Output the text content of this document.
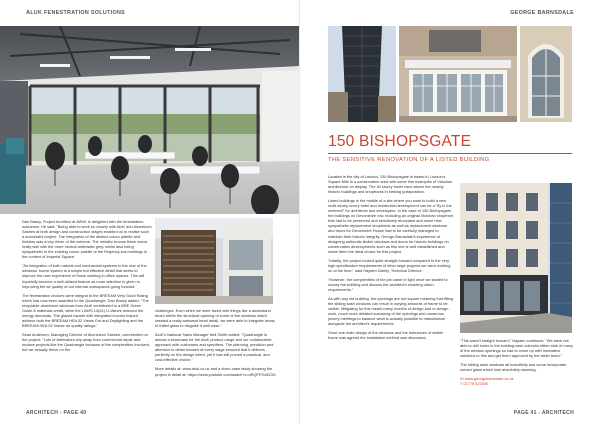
ALUK FENESTRATION SOLUTIONS

Dan Basey, Project Architect at AWW, is delighted with the fenestration outcomes. He said: "Being able to work so closely with AluK and Aluminium Sashes at both design and construction stages enabled us to realise such a successful project. The integration of the distinct colour palette and finishes was a key driver of the scheme. The metallic bronze finish works really well with the more neutral anthracite grey, whilst also being sympathetic to the existing colour palette of the Regency-era buildings in the context of Imperial Square.

"An integration of both natural and mechanical systems to the rear of the windows' louvre system is a simple but effective detail that seeks to improve the user experience of those working in office spaces. This will hopefully become a well-utilised feature as more attention is given to improving the air quality of our internal workspaces going forward."

The fenestration choices were integral to the BREEAM Very Good Rating which has now been awarded to the Quadrangle. Dan Basey added: "The recyclable aluminium windows from AluK contributed to a BRE Green Guide A materials credit, while the LAWS 14(24) U-Values reduced the energy demands. The glazed façade with integrated louvres helped achieve both the BREEAM HEA 02 Views Out and Daylighting and the BREEAM HEA 02 Indoor air quality ratings."

Sean Anderson, Managing Director of Aluminium Sashes, commented on the project: "Lots of fabricators shy away from commercial repair and replace projects like the Quadrangle because of the complexities involved, but we actually thrive on the

challenges. Even when we were faced with things like a downstand beam within the structural opening of some of the windows which created a really awkward head detail, we were able to integrate areas of fritted glass to disguise it with ease."

AluK's National Sales Manager Neil Smith added: "Quadrangle is almost a showcase for the AluK product range and our collaborative approach with customers and specifiers. The planning, precision and attention to detail showed at every stage ensured that it delivers perfectly on the design intent, yet it has still proved a practical, and cost-effective choice."

More details at: www.aluk.co.uk and a video case study showing the project in detail at: https://www.youtube.com/watch?v=dRQFPGdDCI8

ARCHITECH - PAGE 40
GEORGE BARNSDALE
150 BISHOPSGATE
THE SENSITIVE RENOVATION OF A LISTED BUILDING

Located in the city of London, 150 Bishopsgate is based in London's Square Mile in a conservation area with some fine examples of Victorian architecture on display. The 40 storey tower rises above the nearby historic buildings and shopfronts in striking juxtaposition.

Listed buildings in the middle of a site where you want to build a new multi-storey luxury hotel and residential development can be a "fly in the ointment" for architects and developers. In the case of 150 Bishopsgate, the buildings on Devonshire row, including an original Victorian shopfront that had to be preserved and sensitively renovated and some new sympathetic replacement shopfronts as well as replacement windows and doors for Devonshire House had to be carefully managed to maintain their historic integrity. George Barnsdale's experience of designing authentic timber windows and doors for historic buildings on conservation developments such as this one is well established and made them the ideal choice for this project.

"Initially, the project looked quite straight-forward compared to the very high specification requirements of other large projects we were working on at the time," said Hayden Darley, Technical Director.

"However, the complexities of the job came to light once we started to survey the building and discuss the architect's exacting vision requirements."

As with any old building, the openings are not square meaning that fitting the sliding sash windows can result in varying amounts of frame to be visible. Mitigating for this meant many months of design and re-design work, much more detailed surveying of the openings and numerous joinery meetings to balance what is actually possible to manufacture alongside the architect's requirements.

Once one main design of the windows and the tolerances of visible frame was agreed the installation method was discussed.

"This wasn't straight forward," Hayden continues. "We were not able to drill holes in the existing sash columns either side of many of the window openings so had to come up with innovative solutions to this and get them approved by the wider team."

The sliding sash windows all beautifully and some incorporate curved glass which look absolutely stunning.

W www.georgebarnsdale.co.uk

T 01775 822000

PAGE 41 - ARCHITECH
